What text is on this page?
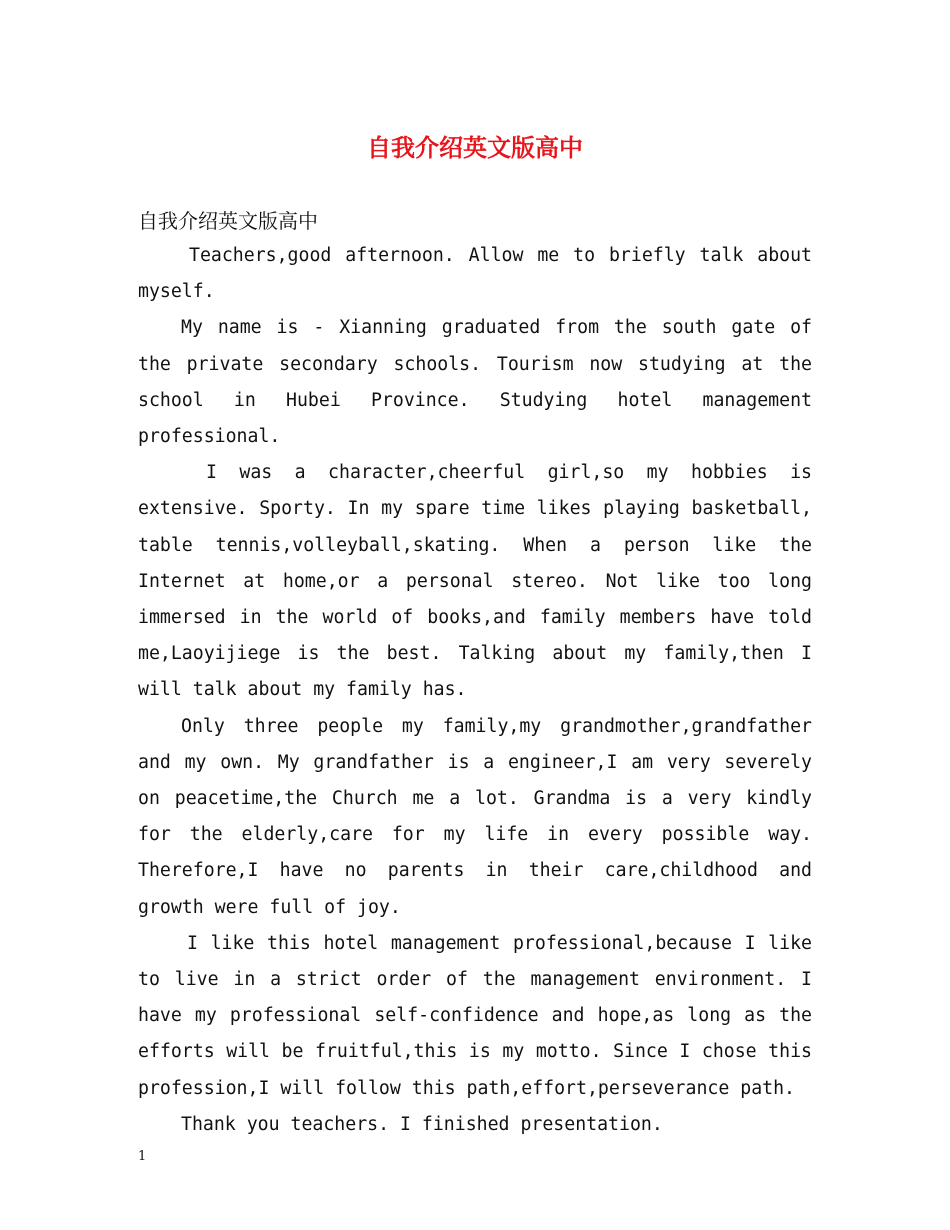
自我介绍英文版高中

自我介绍英文版高中

Teachers,good afternoon. Allow me to briefly talk about myself.

My name is - Xianning graduated from the south gate of the private secondary schools. Tourism now studying at the school in Hubei Province. Studying hotel management professional.

I was a character,cheerful girl,so my hobbies is extensive. Sporty. In my spare time likes playing basketball, table tennis,volleyball,skating. When a person like the Internet at home,or a personal stereo. Not like too long immersed in the world of books,and family members have told me,Laoyijiege is the best. Talking about my family,then I will talk about my family has.

Only three people my family,my grandmother,grandfather and my own. My grandfather is a engineer,I am very severely on peacetime,the Church me a lot. Grandma is a very kindly for the elderly,care for my life in every possible way. Therefore,I have no parents in their care,childhood and growth were full of joy.

I like this hotel management professional,because I like to live in a strict order of the management environment. I have my professional self-confidence and hope,as long as the efforts will be fruitful,this is my motto. Since I chose this profession,I will follow this path,effort,perseverance path.

Thank you teachers. I finished presentation.

1
